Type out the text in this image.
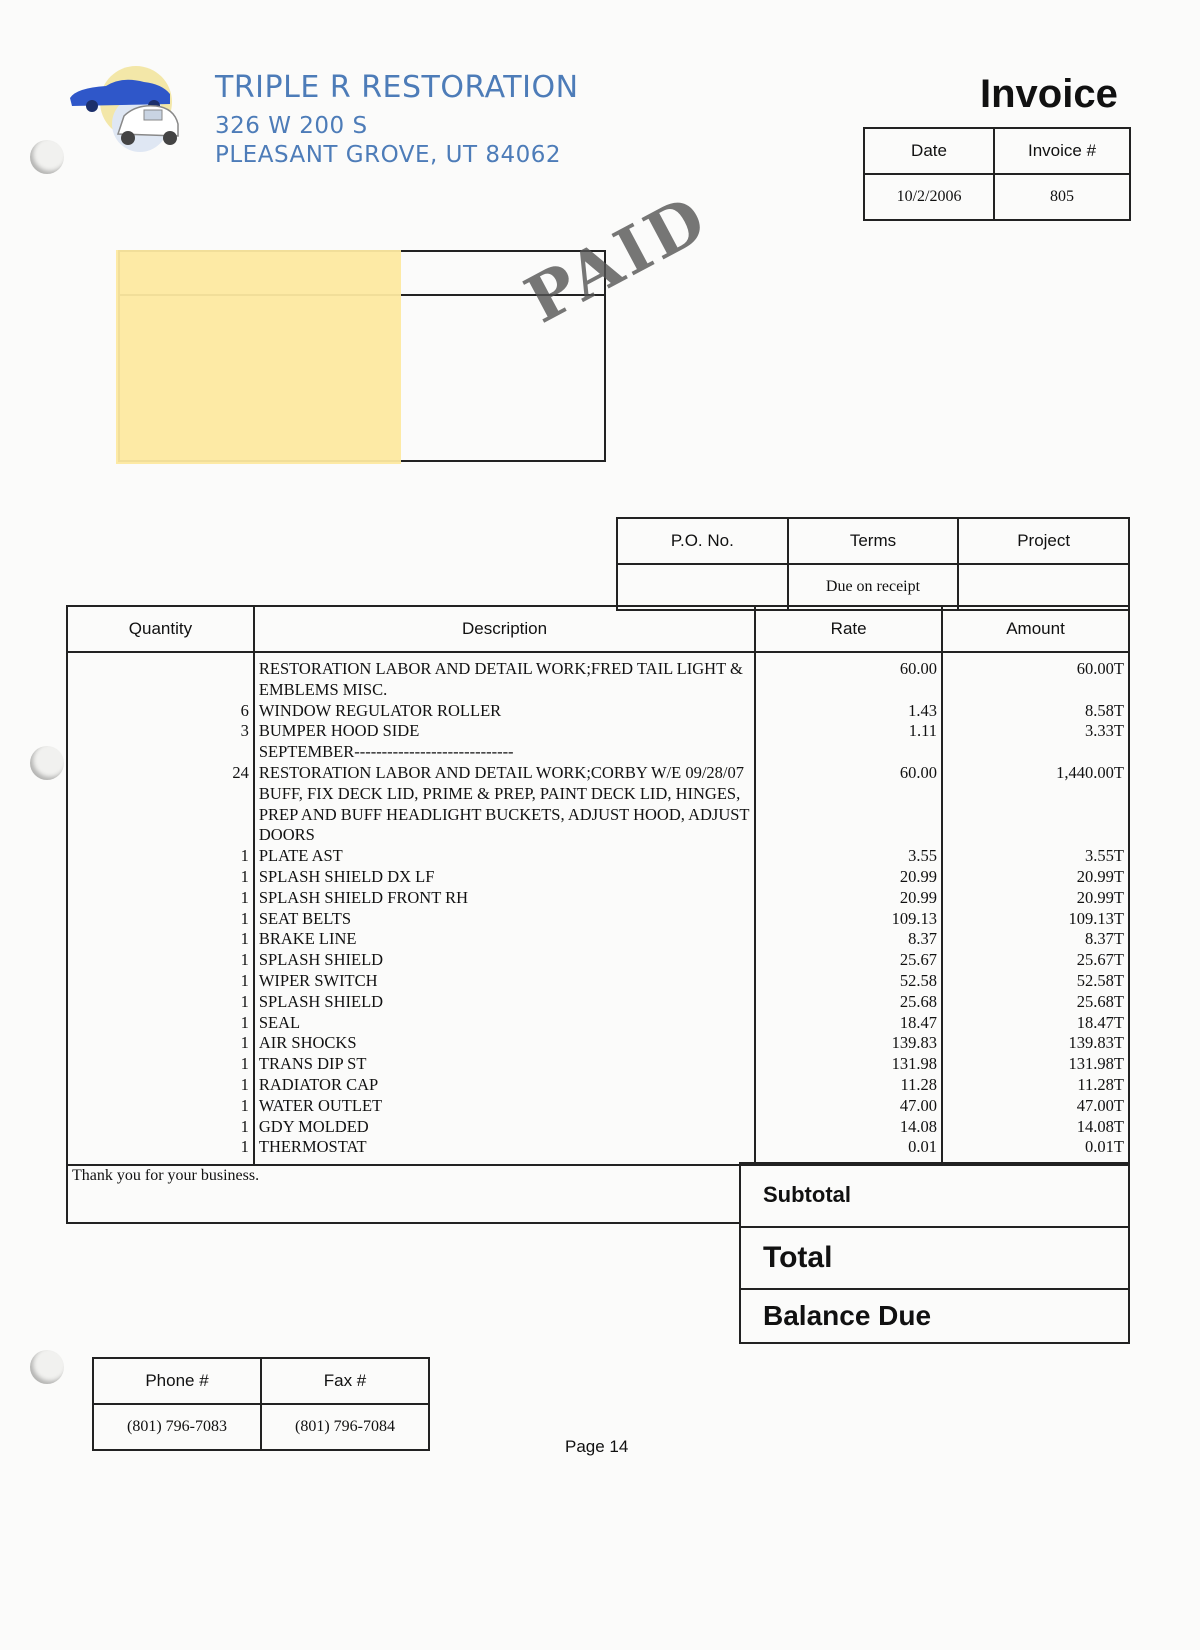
TRIPLE R RESTORATION
326 W 200 S
PLEASANT GROVE, UT 84062
Invoice
Date	Invoice #
10/2/2006	805
PAID
P.O. No.	Terms	Project
	Due on receipt	
Quantity	Description	Rate	Amount
	RESTORATION LABOR AND DETAIL WORK;FRED TAIL LIGHT & EMBLEMS MISC.	60.00	60.00T
6	WINDOW REGULATOR ROLLER	1.43	8.58T
3	BUMPER HOOD SIDE	1.11	3.33T
	SEPTEMBER-----------------------------		
24	RESTORATION LABOR AND DETAIL WORK;CORBY W/E 09/28/07 BUFF, FIX DECK LID, PRIME & PREP, PAINT DECK LID, HINGES, PREP AND BUFF HEADLIGHT BUCKETS, ADJUST HOOD, ADJUST DOORS	60.00	1,440.00T
1	PLATE AST	3.55	3.55T
1	SPLASH SHIELD DX LF	20.99	20.99T
1	SPLASH SHIELD FRONT RH	20.99	20.99T
1	SEAT BELTS	109.13	109.13T
1	BRAKE LINE	8.37	8.37T
1	SPLASH SHIELD	25.67	25.67T
1	WIPER SWITCH	52.58	52.58T
1	SPLASH SHIELD	25.68	25.68T
1	SEAL	18.47	18.47T
1	AIR SHOCKS	139.83	139.83T
1	TRANS DIP ST	131.98	131.98T
1	RADIATOR CAP	11.28	11.28T
1	WATER OUTLET	47.00	47.00T
1	GDY MOLDED	14.08	14.08T
1	THERMOSTAT	0.01	0.01T
Thank you for your business.
Subtotal
Total
Balance Due
Phone #	Fax #
(801) 796-7083	(801) 796-7084
Page 14
